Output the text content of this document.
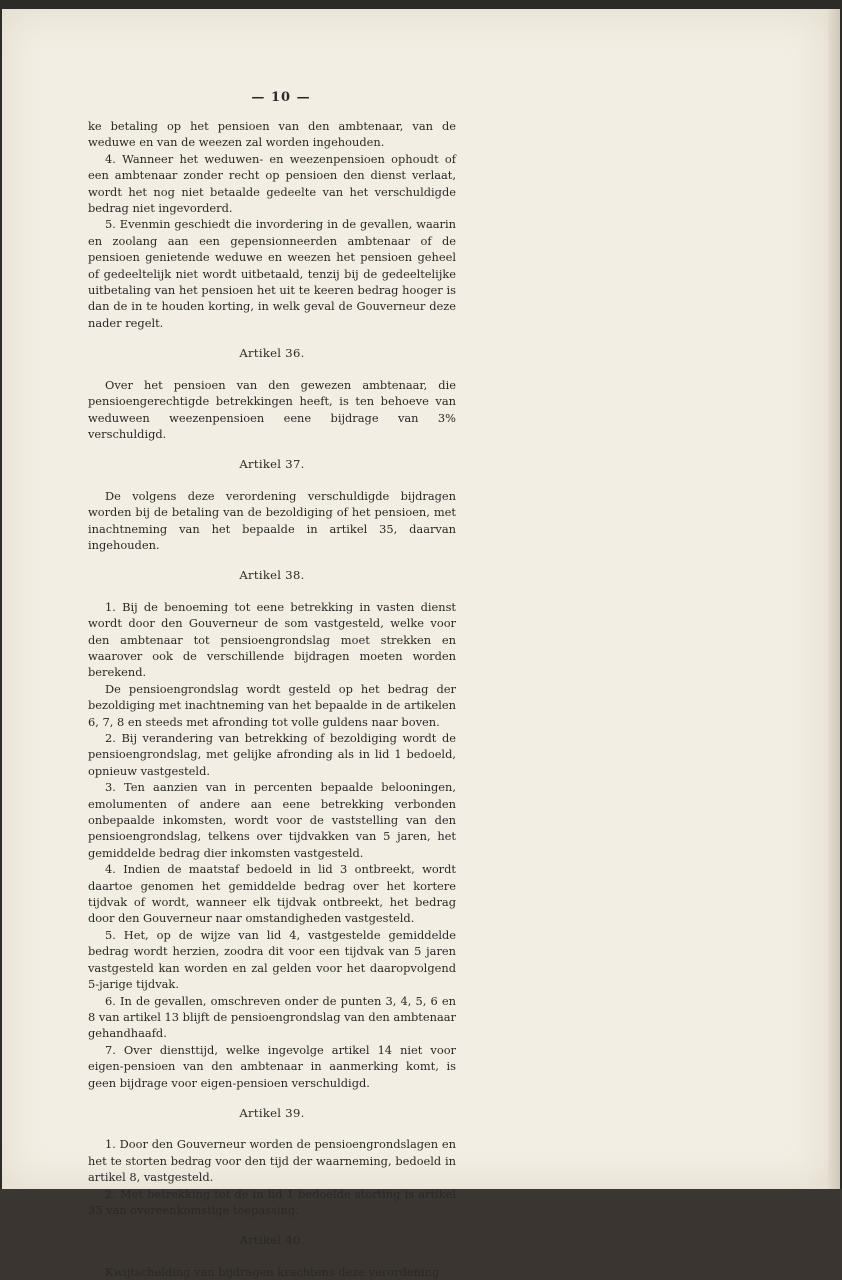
— 10 —

ke betaling op het pensioen van den ambtenaar, van de weduwe en van de weezen zal worden ingehouden.

4. Wanneer het weduwen- en weezenpensioen ophoudt of een ambtenaar zonder recht op pensioen den dienst verlaat, wordt het nog niet betaalde gedeelte van het verschuldigde bedrag niet ingevorderd.

5. Evenmin geschiedt die invordering in de gevallen, waarin en zoolang aan een gepensionneerden ambtenaar of de pensioen genietende weduwe en weezen het pensioen geheel of gedeeltelijk niet wordt uitbetaald, tenzij bij de gedeeltelijke uitbetaling van het pensioen het uit te keeren bedrag hooger is dan de in te houden korting, in welk geval de Gouverneur deze nader regelt.

Artikel 36.

Over het pensioen van den gewezen ambtenaar, die pensioengerechtigde betrekkingen heeft, is ten behoeve van weduween weezenpensioen eene bijdrage van 3% verschuldigd.

Artikel 37.

De volgens deze verordening verschuldigde bijdragen worden bij de betaling van de bezoldiging of het pensioen, met inachtneming van het bepaalde in artikel 35, daarvan ingehouden.

Artikel 38.

1. Bij de benoeming tot eene betrekking in vasten dienst wordt door den Gouverneur de som vastgesteld, welke voor den ambtenaar tot pensioengrondslag moet strekken en waarover ook de verschillende bijdragen moeten worden berekend.

De pensioengrondslag wordt gesteld op het bedrag der bezoldiging met inachtneming van het bepaalde in de artikelen 6, 7, 8 en steeds met afronding tot volle guldens naar boven.

2. Bij verandering van betrekking of bezoldiging wordt de pensioengrondslag, met gelijke afronding als in lid 1 bedoeld, opnieuw vastgesteld.

3. Ten aanzien van in percenten bepaalde belooningen, emolumenten of andere aan eene betrekking verbonden onbepaalde inkomsten, wordt voor de vaststelling van den pensioengrondslag, telkens over tijdvakken van 5 jaren, het gemiddelde bedrag dier inkomsten vastgesteld.

4. Indien de maatstaf bedoeld in lid 3 ontbreekt, wordt daartoe genomen het gemiddelde bedrag over het kortere tijdvak of wordt, wanneer elk tijdvak ontbreekt, het bedrag door den Gouverneur naar omstandigheden vastgesteld.

5. Het, op de wijze van lid 4, vastgestelde gemiddelde bedrag wordt herzien, zoodra dit voor een tijdvak van 5 jaren vastgesteld kan worden en zal gelden voor het daaropvolgend 5-jarige tijdvak.

6. In de gevallen, omschreven onder de punten 3, 4, 5, 6 en 8 van artikel 13 blijft de pensioengrondslag van den ambtenaar gehandhaafd.

7. Over diensttijd, welke ingevolge artikel 14 niet voor eigen-pensioen van den ambtenaar in aanmerking komt, is geen bijdrage voor eigen-pensioen verschuldigd.

Artikel 39.

1. Door den Gouverneur worden de pensioengrondslagen en het te storten bedrag voor den tijd der waarneming, bedoeld in artikel 8, vastgesteld.

2. Met betrekking tot de in lid 1 bedoelde storting is artikel 35 van overeenkomstige toepassing.

Artikel 40.

Kwijtschelding van bijdragen krachtens deze verordening
